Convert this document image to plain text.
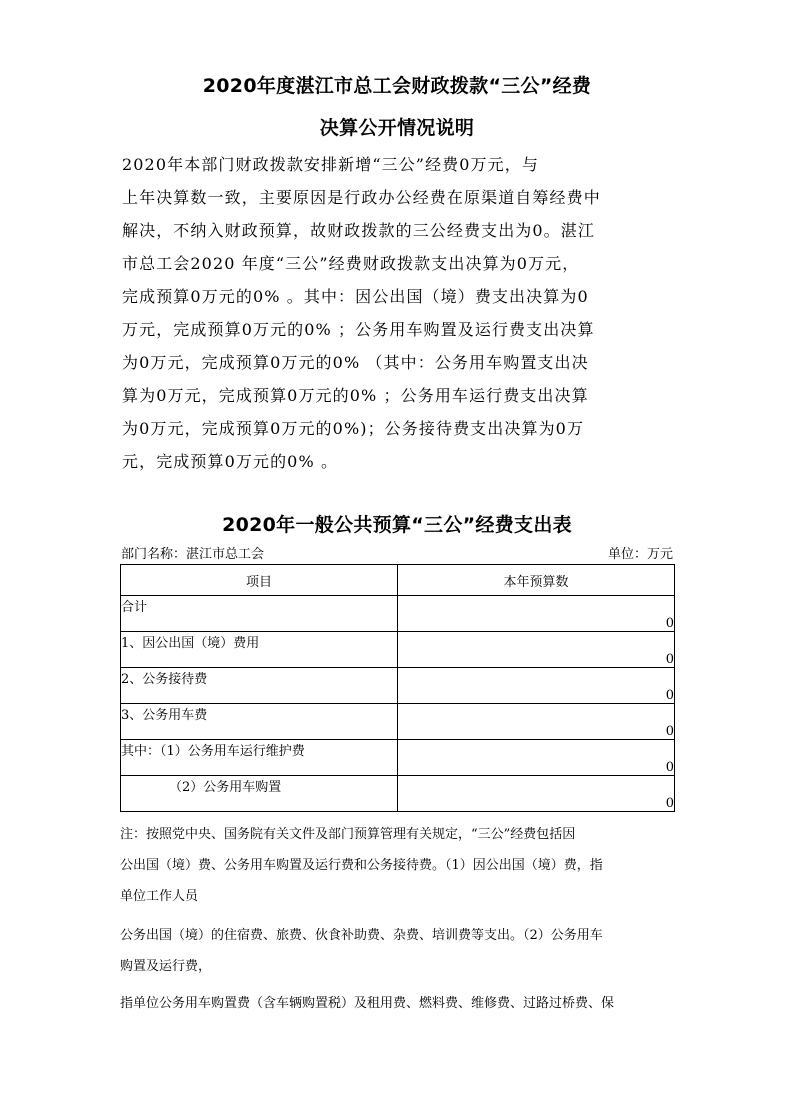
2020年度湛江市总工会财政拨款“三公”经费
决算公开情况说明
2020年本部门财政拨款安排新增“三公”经费0万元，与
上年决算数一致，主要原因是行政办公经费在原渠道自筹经费中
解决，不纳入财政预算，故财政拨款的三公经费支出为0。湛江
市总工会2020 年度“三公”经费财政拨款支出决算为0万元，
完成预算0万元的0% 。其中：因公出国（境）费支出决算为0
万元，完成预算0万元的0% ；公务用车购置及运行费支出决算
为0万元，完成预算0万元的0% （其中：公务用车购置支出决
算为0万元，完成预算0万元的0% ；公务用车运行费支出决算
为0万元，完成预算0万元的0%)；公务接待费支出决算为0万
元，完成预算0万元的0% 。
2020年一般公共预算“三公”经费支出表
部门名称：湛江市总工会	单位：万元
项目	本年预算数
合计	0
1、因公出国（境）费用	0
2、公务接待费	0
3、公务用车费	0
其中：（1）公务用车运行维护费	0
（2）公务用车购置	0
注：按照党中央、国务院有关文件及部门预算管理有关规定，“三公”经费包括因
公出国（境）费、公务用车购置及运行费和公务接待费。（1）因公出国（境）费，指
单位工作人员
公务出国（境）的住宿费、旅费、伙食补助费、杂费、培训费等支出。（2）公务用车
购置及运行费，
指单位公务用车购置费（含车辆购置税）及租用费、燃料费、维修费、过路过桥费、保
